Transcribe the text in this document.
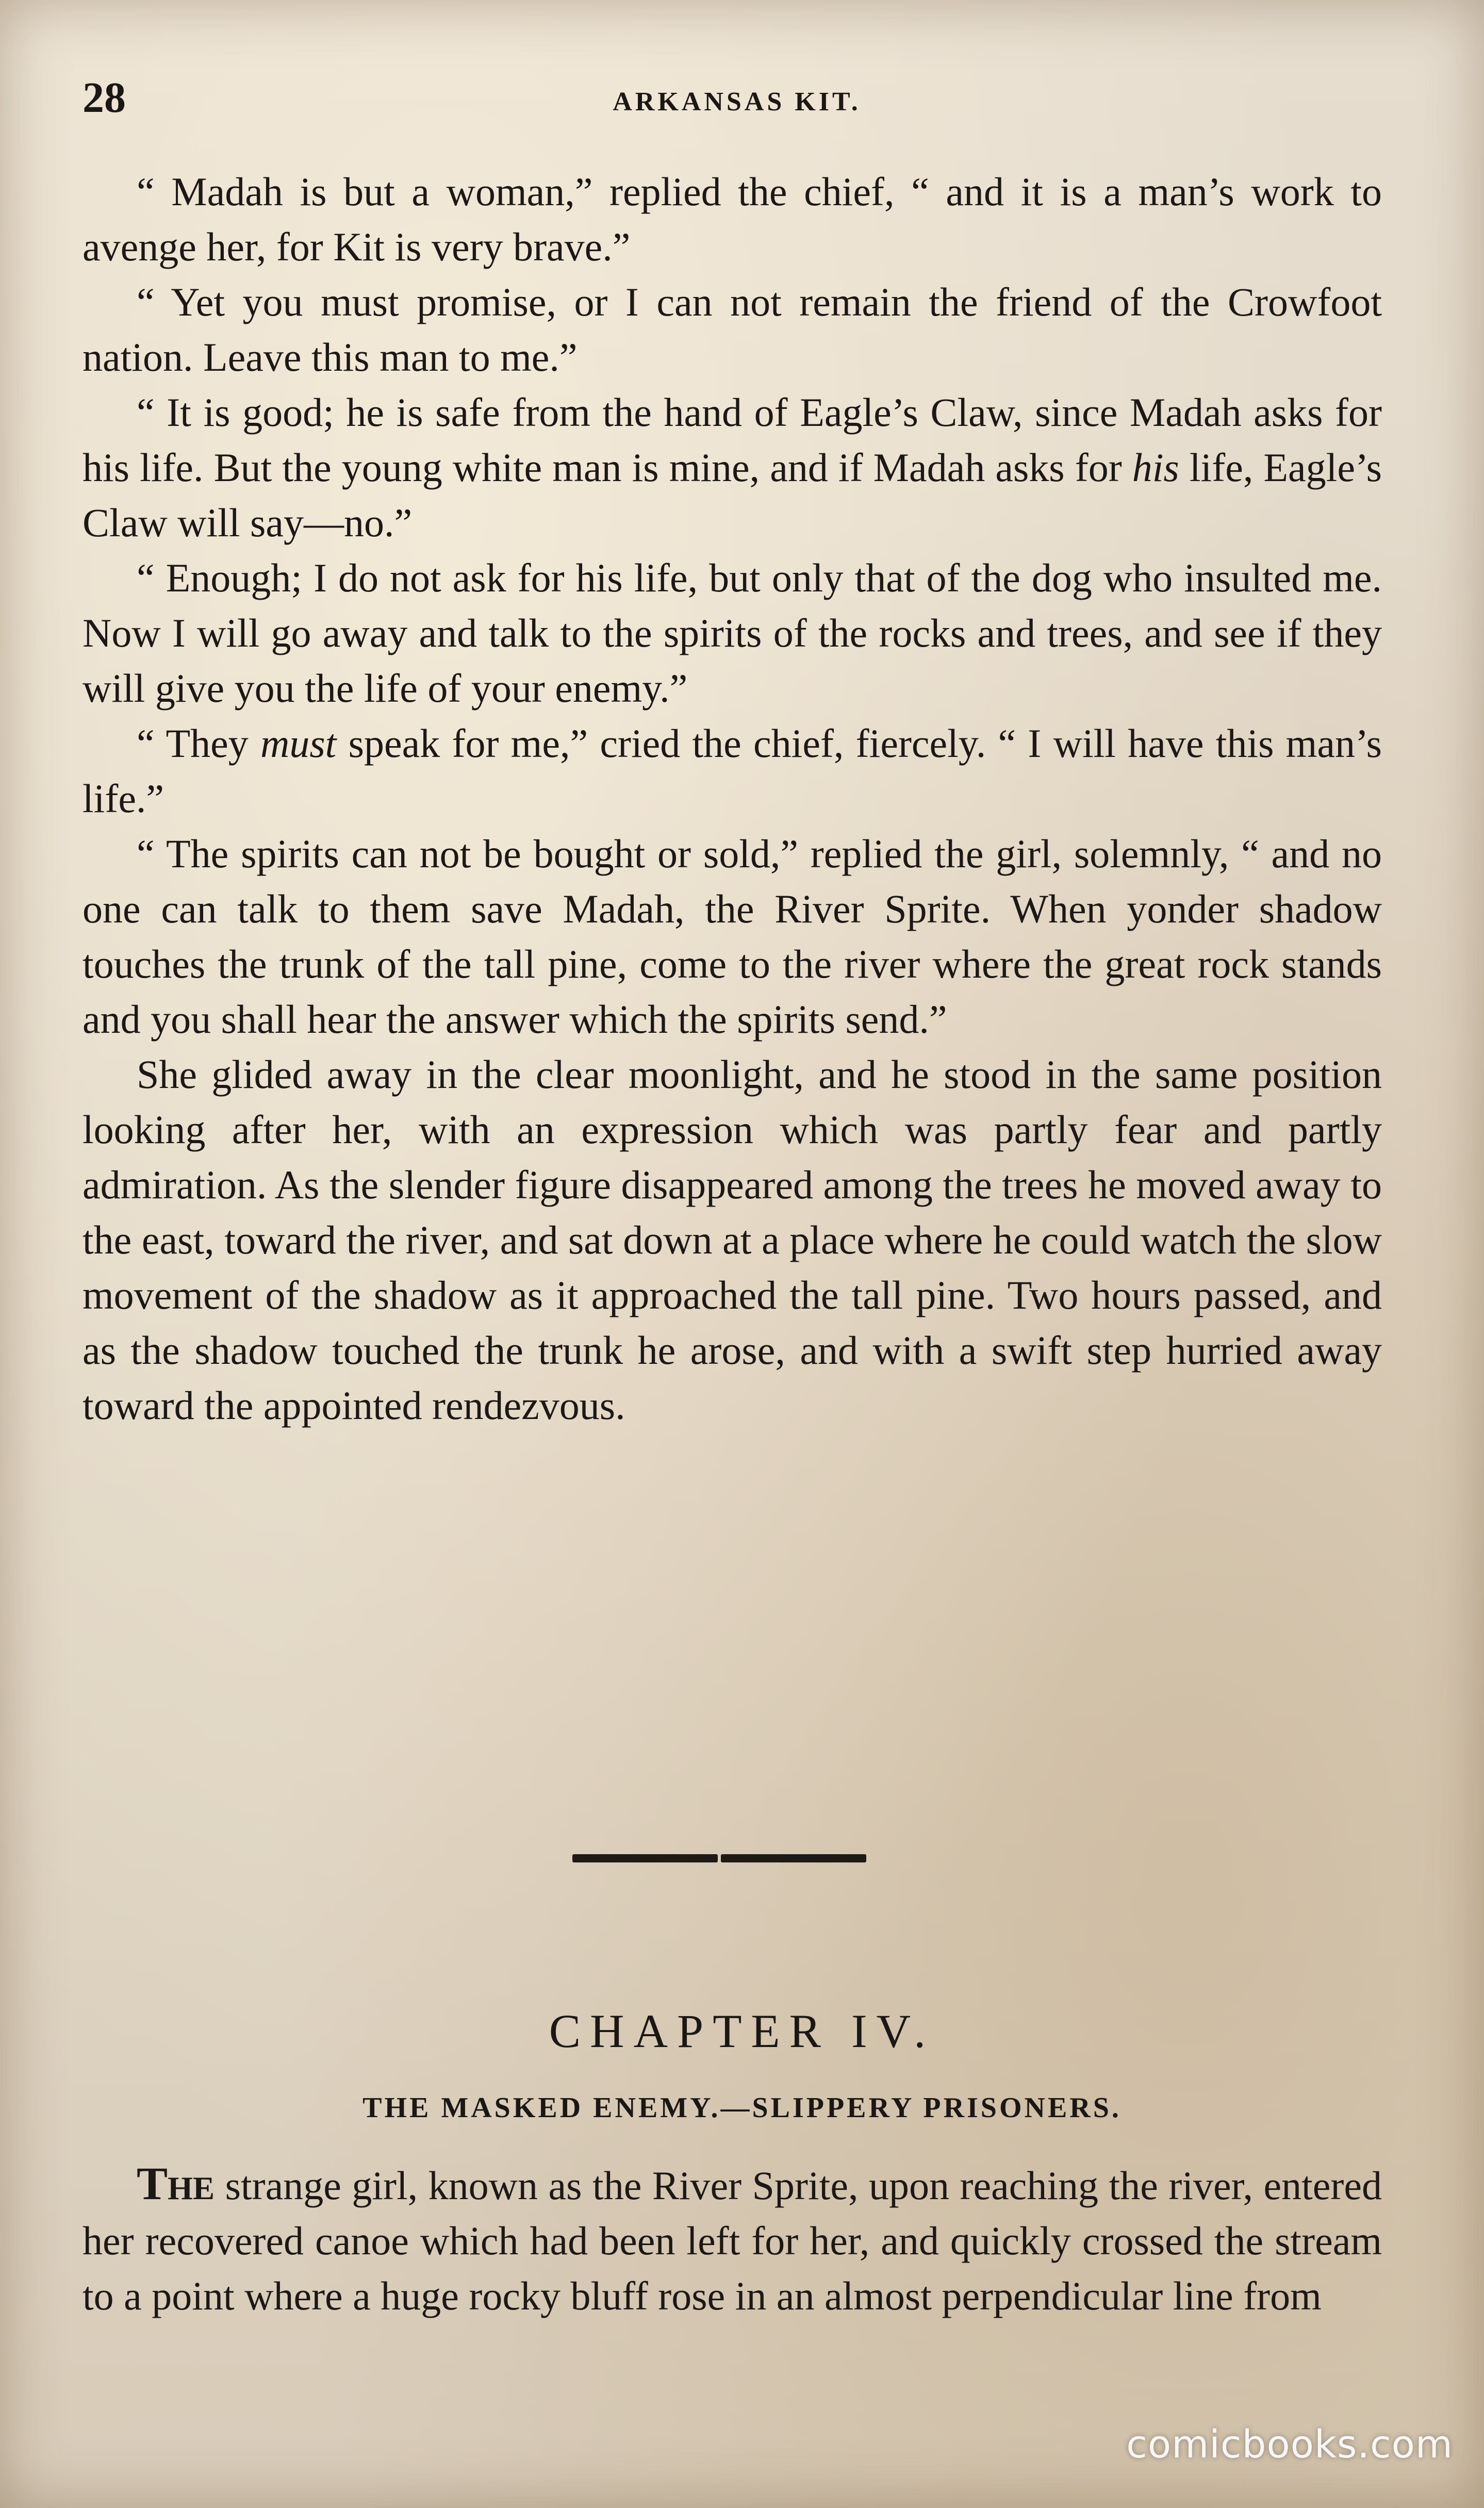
28	ARKANSAS KIT.

“ Madah is but a woman,” replied the chief, “ and it is a man’s work to avenge her, for Kit is very brave.”

“ Yet you must promise, or I can not remain the friend of the Crowfoot nation. Leave this man to me.”

“ It is good; he is safe from the hand of Eagle’s Claw, since Madah asks for his life. But the young white man is mine, and if Madah asks for his life, Eagle’s Claw will say—no.”

“ Enough; I do not ask for his life, but only that of the dog who insulted me. Now I will go away and talk to the spirits of the rocks and trees, and see if they will give you the life of your enemy.”

“ They must speak for me,” cried the chief, fiercely. “ I will have this man’s life.”

“ The spirits can not be bought or sold,” replied the girl, solemnly, “ and no one can talk to them save Madah, the River Sprite. When yonder shadow touches the trunk of the tall pine, come to the river where the great rock stands and you shall hear the answer which the spirits send.”

She glided away in the clear moonlight, and he stood in the same position looking after her, with an expression which was partly fear and partly admiration. As the slender figure disappeared among the trees he moved away to the east, toward the river, and sat down at a place where he could watch the slow movement of the shadow as it approached the tall pine. Two hours passed, and as the shadow touched the trunk he arose, and with a swift step hurried away toward the appointed rendezvous.

CHAPTER IV.
THE MASKED ENEMY.—SLIPPERY PRISONERS.

The strange girl, known as the River Sprite, upon reaching the river, entered her recovered canoe which had been left for her, and quickly crossed the stream to a point where a huge rocky bluff rose in an almost perpendicular line from

comicbooks.com
